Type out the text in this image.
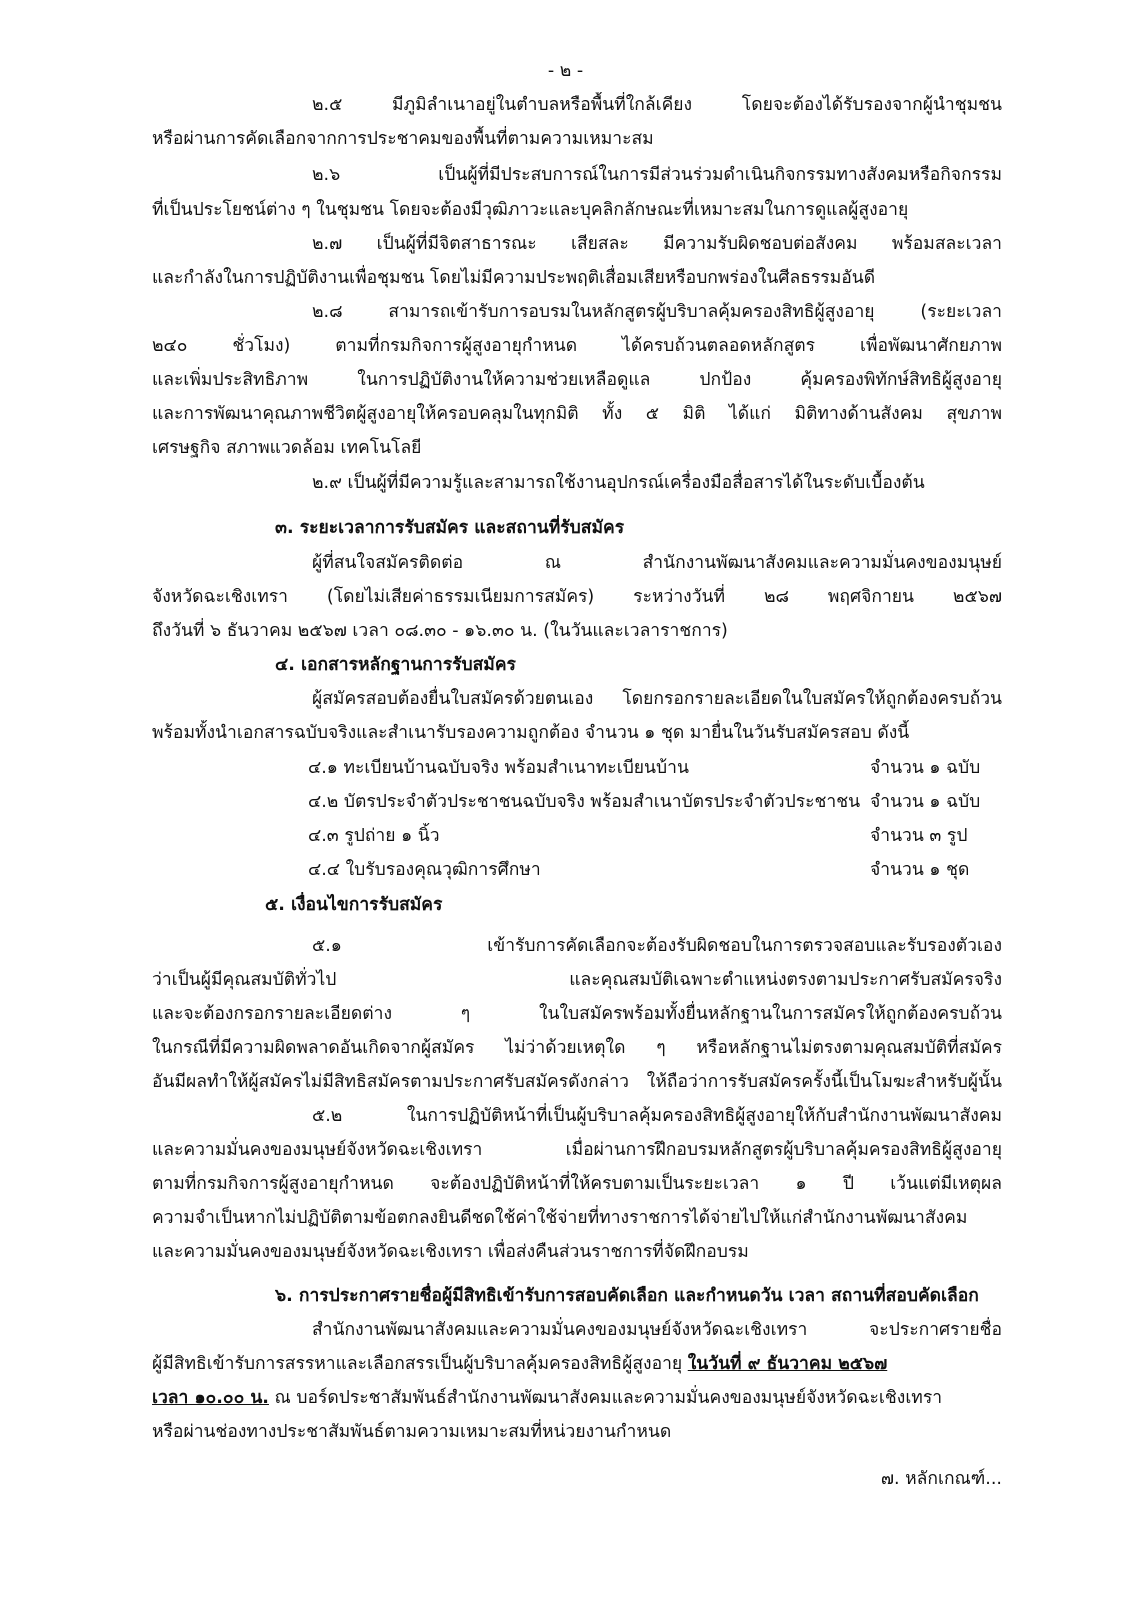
- ๒ -
๒.๕ มีภูมิลำเนาอยู่ในตำบลหรือพื้นที่ใกล้เคียง โดยจะต้องได้รับรองจากผู้นำชุมชน
หรือผ่านการคัดเลือกจากการประชาคมของพื้นที่ตามความเหมาะสม
๒.๖ เป็นผู้ที่มีประสบการณ์ในการมีส่วนร่วมดำเนินกิจกรรมทางสังคมหรือกิจกรรม
ที่เป็นประโยชน์ต่าง ๆ ในชุมชน โดยจะต้องมีวุฒิภาวะและบุคลิกลักษณะที่เหมาะสมในการดูแลผู้สูงอายุ
๒.๗ เป็นผู้ที่มีจิตสาธารณะ เสียสละ มีความรับผิดชอบต่อสังคม พร้อมสละเวลา
และกำลังในการปฏิบัติงานเพื่อชุมชน โดยไม่มีความประพฤติเสื่อมเสียหรือบกพร่องในศีลธรรมอันดี
๒.๘ สามารถเข้ารับการอบรมในหลักสูตรผู้บริบาลคุ้มครองสิทธิผู้สูงอายุ (ระยะเวลา
๒๔๐ ชั่วโมง) ตามที่กรมกิจการผู้สูงอายุกำหนด ได้ครบถ้วนตลอดหลักสูตร เพื่อพัฒนาศักยภาพ
และเพิ่มประสิทธิภาพ ในการปฏิบัติงานให้ความช่วยเหลือดูแล ปกป้อง คุ้มครองพิทักษ์สิทธิผู้สูงอายุ
และการพัฒนาคุณภาพชีวิตผู้สูงอายุให้ครอบคลุมในทุกมิติ ทั้ง ๕ มิติ ได้แก่ มิติทางด้านสังคม สุขภาพ
เศรษฐกิจ สภาพแวดล้อม เทคโนโลยี
๒.๙ เป็นผู้ที่มีความรู้และสามารถใช้งานอุปกรณ์เครื่องมือสื่อสารได้ในระดับเบื้องต้น
๓. ระยะเวลาการรับสมัคร และสถานที่รับสมัคร
ผู้ที่สนใจสมัครติดต่อ ณ สำนักงานพัฒนาสังคมและความมั่นคงของมนุษย์
จังหวัดฉะเชิงเทรา (โดยไม่เสียค่าธรรมเนียมการสมัคร) ระหว่างวันที่ ๒๘ พฤศจิกายน ๒๕๖๗
ถึงวันที่ ๖ ธันวาคม ๒๕๖๗ เวลา ๐๘.๓๐ - ๑๖.๓๐ น. (ในวันและเวลาราชการ)
๔. เอกสารหลักฐานการรับสมัคร
ผู้สมัครสอบต้องยื่นใบสมัครด้วยตนเอง โดยกรอกรายละเอียดในใบสมัครให้ถูกต้องครบถ้วน
พร้อมทั้งนำเอกสารฉบับจริงและสำเนารับรองความถูกต้อง จำนวน ๑ ชุด มายื่นในวันรับสมัครสอบ ดังนี้
๔.๑ ทะเบียนบ้านฉบับจริง พร้อมสำเนาทะเบียนบ้าน	จำนวน ๑ ฉบับ
๔.๒ บัตรประจำตัวประชาชนฉบับจริง พร้อมสำเนาบัตรประจำตัวประชาชน จำนวน ๑ ฉบับ
๔.๓ รูปถ่าย ๑ นิ้ว	จำนวน ๓ รูป
๔.๔ ใบรับรองคุณวุฒิการศึกษา	จำนวน ๑ ชุด
๕. เงื่อนไขการรับสมัคร
๕.๑ เข้ารับการคัดเลือกจะต้องรับผิดชอบในการตรวจสอบและรับรองตัวเอง
ว่าเป็นผู้มีคุณสมบัติทั่วไป และคุณสมบัติเฉพาะตำแหน่งตรงตามประกาศรับสมัครจริง
และจะต้องกรอกรายละเอียดต่าง ๆ ในใบสมัครพร้อมทั้งยื่นหลักฐานในการสมัครให้ถูกต้องครบถ้วน
ในกรณีที่มีความผิดพลาดอันเกิดจากผู้สมัคร ไม่ว่าด้วยเหตุใด ๆ หรือหลักฐานไม่ตรงตามคุณสมบัติที่สมัคร
อันมีผลทำให้ผู้สมัครไม่มีสิทธิสมัครตามประกาศรับสมัครดังกล่าว ให้ถือว่าการรับสมัครครั้งนี้เป็นโมฆะสำหรับผู้นั้น
๕.๒ ในการปฏิบัติหน้าที่เป็นผู้บริบาลคุ้มครองสิทธิผู้สูงอายุให้กับสำนักงานพัฒนาสังคม
และความมั่นคงของมนุษย์จังหวัดฉะเชิงเทรา เมื่อผ่านการฝึกอบรมหลักสูตรผู้บริบาลคุ้มครองสิทธิผู้สูงอายุ
ตามที่กรมกิจการผู้สูงอายุกำหนด จะต้องปฏิบัติหน้าที่ให้ครบตามเป็นระยะเวลา ๑ ปี เว้นแต่มีเหตุผล
ความจำเป็นหากไม่ปฏิบัติตามข้อตกลงยินดีชดใช้ค่าใช้จ่ายที่ทางราชการได้จ่ายไปให้แก่สำนักงานพัฒนาสังคม
และความมั่นคงของมนุษย์จังหวัดฉะเชิงเทรา เพื่อส่งคืนส่วนราชการที่จัดฝึกอบรม
๖. การประกาศรายชื่อผู้มีสิทธิเข้ารับการสอบคัดเลือก และกำหนดวัน เวลา สถานที่สอบคัดเลือก
สำนักงานพัฒนาสังคมและความมั่นคงของมนุษย์จังหวัดฉะเชิงเทรา จะประกาศรายชื่อ
ผู้มีสิทธิเข้ารับการสรรหาและเลือกสรรเป็นผู้บริบาลคุ้มครองสิทธิผู้สูงอายุ ในวันที่ ๙ ธันวาคม ๒๕๖๗
เวลา ๑๐.๐๐ น. ณ บอร์ดประชาสัมพันธ์สำนักงานพัฒนาสังคมและความมั่นคงของมนุษย์จังหวัดฉะเชิงเทรา
หรือผ่านช่องทางประชาสัมพันธ์ตามความเหมาะสมที่หน่วยงานกำหนด
๗. หลักเกณฑ์...
